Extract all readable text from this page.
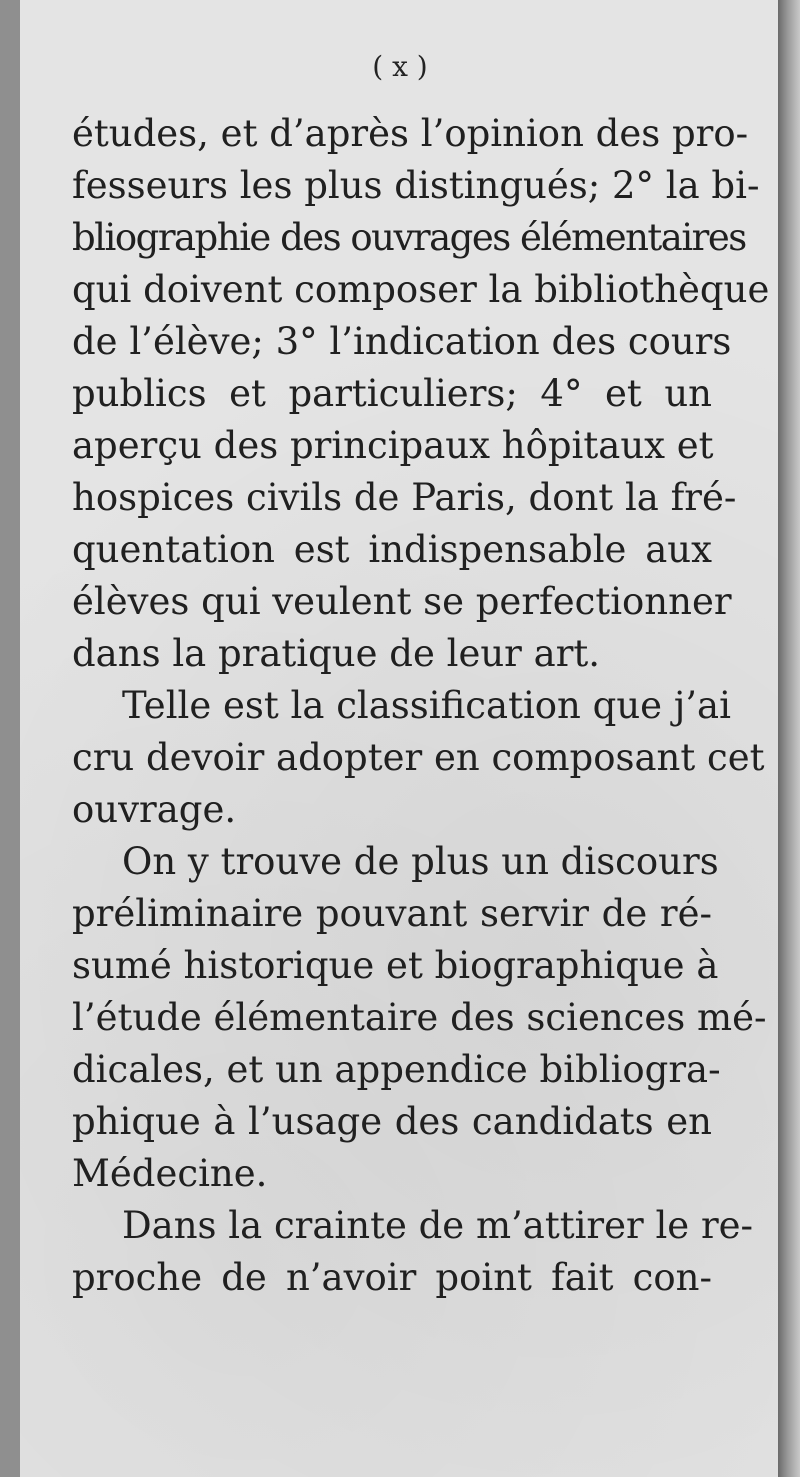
( x )
études, et d’après l’opinion des pro-
fesseurs les plus distingués; 2° la bi-
bliographie des ouvrages élémentaires
qui doivent composer la bibliothèque
de l’élève; 3° l’indication des cours
publics et particuliers; 4° et un
aperçu des principaux hôpitaux et
hospices civils de Paris, dont la fré-
quentation est indispensable aux
élèves qui veulent se perfectionner
dans la pratique de leur art.
Telle est la classification que j’ai
cru devoir adopter en composant cet
ouvrage.
On y trouve de plus un discours
préliminaire pouvant servir de ré-
sumé historique et biographique à
l’étude élémentaire des sciences mé-
dicales, et un appendice bibliogra-
phique à l’usage des candidats en
Médecine.
Dans la crainte de m’attirer le re-
proche de n’avoir point fait con-
